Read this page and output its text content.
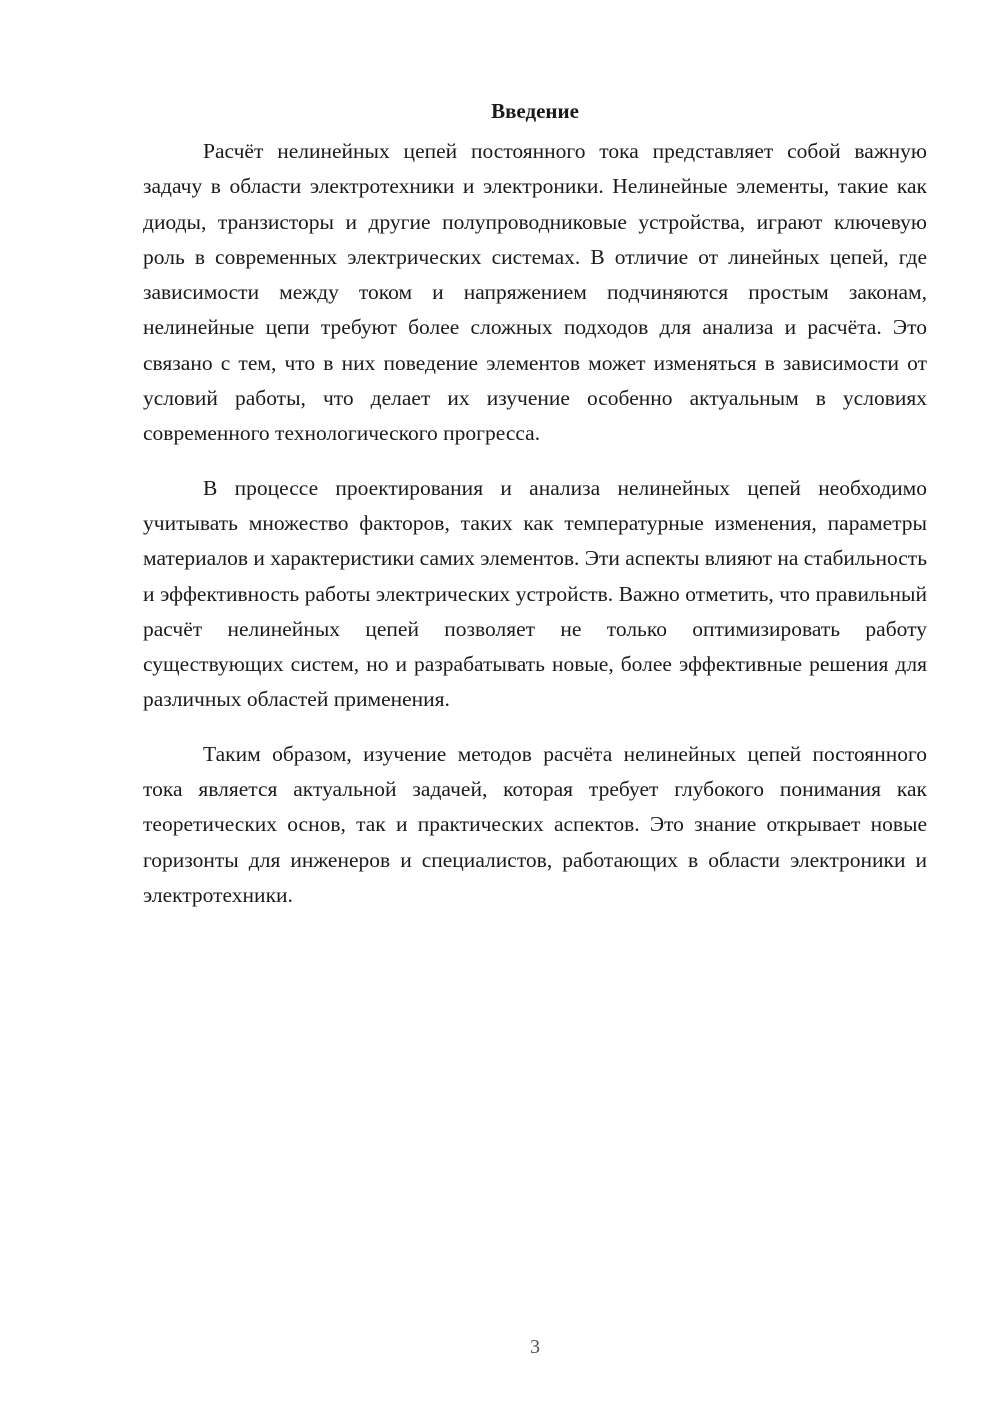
Введение

Расчёт нелинейных цепей постоянного тока представляет собой важную задачу в области электротехники и электроники. Нелинейные элементы, такие как диоды, транзисторы и другие полупроводниковые устройства, играют ключевую роль в современных электрических системах. В отличие от линейных цепей, где зависимости между током и напряжением подчиняются простым законам, нелинейные цепи требуют более сложных подходов для анализа и расчёта. Это связано с тем, что в них поведение элементов может изменяться в зависимости от условий работы, что делает их изучение особенно актуальным в условиях современного технологического прогресса.

В процессе проектирования и анализа нелинейных цепей необходимо учитывать множество факторов, таких как температурные изменения, параметры материалов и характеристики самих элементов. Эти аспекты влияют на стабильность и эффективность работы электрических устройств. Важно отметить, что правильный расчёт нелинейных цепей позволяет не только оптимизировать работу существующих систем, но и разрабатывать новые, более эффективные решения для различных областей применения.

Таким образом, изучение методов расчёта нелинейных цепей постоянного тока является актуальной задачей, которая требует глубокого понимания как теоретических основ, так и практических аспектов. Это знание открывает новые горизонты для инженеров и специалистов, работающих в области электроники и электротехники.

3
